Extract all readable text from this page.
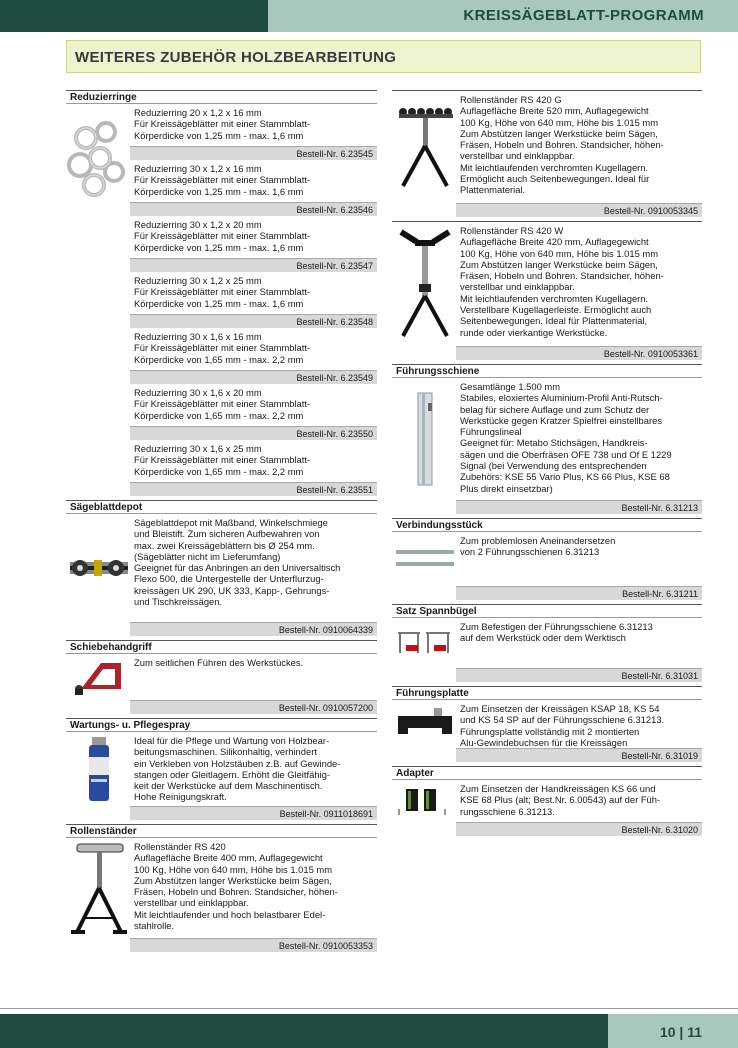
KREISSÄGEBLATT-PROGRAMM
WEITERES ZUBEHÖR HOLZBEARBEITUNG
Reduzierringe
Reduzierring 20 x 1,2 x 16 mm
Für Kreissägeblätter mit einer Stammblatt-
Körperdicke von 1,25 mm - max. 1,6 mm
Bestell-Nr. 6.23545
Reduzierring 30 x 1,2 x 16 mm
Für Kreissägeblätter mit einer Stammblatt-
Körperdicke von 1,25 mm - max. 1,6 mm
Bestell-Nr. 6.23546
Reduzierring 30 x 1,2 x 20 mm
Für Kreissägeblätter mit einer Stammblatt-
Körperdicke von 1,25 mm - max. 1,6 mm
Bestell-Nr. 6.23547
Reduzierring 30 x 1,2 x 25 mm
Für Kreissägeblätter mit einer Stammblatt-
Körperdicke von 1,25 mm - max. 1,6 mm
Bestell-Nr. 6.23548
Reduzierring 30 x 1,6 x 16 mm
Für Kreissägeblätter mit einer Stammblatt-
Körperdicke von 1,65 mm - max. 2,2 mm
Bestell-Nr. 6.23549
Reduzierring 30 x 1,6 x 20 mm
Für Kreissägeblätter mit einer Stammblatt-
Körperdicke von 1,65 mm - max. 2,2 mm
Bestell-Nr. 6.23550
Reduzierring 30 x 1,6 x 25 mm
Für Kreissägeblätter mit einer Stammblatt-
Körperdicke von 1,65 mm - max. 2,2 mm
Bestell-Nr. 6.23551
Sägeblattdepot
Sägeblattdepot mit Maßband, Winkelschmiege
und Bleistift. Zum sicheren Aufbewahren von
max. zwei Kreissägeblättern bis Ø 254 mm.
(Sägeblätter nicht im Lieferumfang)
Geeignet für das Anbringen an den Universaltisch
Flexo 500, die Untergestelle der Unterflurzug-
kreissägen UK 290, UK 333, Kapp-, Gehrungs-
und Tischkreissägen.
Bestell-Nr. 0910064339
Schiebehandgriff
Zum seitlichen Führen des Werkstückes.
Bestell-Nr. 0910057200
Wartungs- u. Pflegespray
Ideal für die Pflege und Wartung von Holzbear-
beitungsmaschinen. Silikonhaltig, verhindert
ein Verkleben von Holzstäuben z.B. auf Gewinde-
stangen oder Gleitlagern. Erhöht die Gleitfähig-
keit der Werkstücke auf dem Maschinentisch.
Hohe Reinigungskraft.
Bestell-Nr. 0911018691
Rollenständer
Rollenständer RS 420
Auflagefläche Breite 400 mm, Auflagegewicht
100 Kg, Höhe von 640 mm, Höhe bis 1.015 mm
Zum Abstützen langer Werkstücke beim Sägen,
Fräsen, Hobeln und Bohren. Standsicher, höhen-
verstellbar und einklappbar.
Mit leichtlaufender und hoch belastbarer Edel-
stahlrolle.
Bestell-Nr. 0910053353
Rollenständer RS 420 G
Auflagefläche Breite 520 mm, Auflagegewicht
100 Kg, Höhe von 640 mm, Höhe bis 1.015 mm
Zum Abstützen langer Werkstücke beim Sägen,
Fräsen, Hobeln und Bohren. Standsicher, höhen-
verstellbar und einklappbar.
Mit leichtlaufenden verchromten Kugellagern.
Ermöglicht auch Seitenbewegungen. Ideal für
Plattenmaterial.
Bestell-Nr. 0910053345
Rollenständer RS 420 W
Auflagefläche Breite 420 mm, Auflagegewicht
100 Kg, Höhe von 640 mm, Höhe bis 1.015 mm
Zum Abstützen langer Werkstücke beim Sägen,
Fräsen, Hobeln und Bohren. Standsicher, höhen-
verstellbar und einklappbar.
Mit leichtlaufenden verchromten Kugellagern.
Verstellbare Kugellagerleiste. Ermöglicht auch
Seitenbewegungen. Ideal für Plattenmaterial,
runde oder vierkantige Werkstücke.
Bestell-Nr. 0910053361
Führungsschiene
Gesamtlänge 1.500 mm
Stabiles, eloxiertes Aluminium-Profil Anti-Rutsch-
belag für sichere Auflage und zum Schutz der
Werkstücke gegen Kratzer Spielfrei einstellbares
Führungslineal
Geeignet für: Metabo Stichsägen, Handkreis-
sägen und die Oberfräsen OFE 738 und Of E 1229
Signal (bei Verwendung des entsprechenden
Zubehörs: KSE 55 Vario Plus, KS 66 Plus, KSE 68
Plus direkt einsetzbar)
Bestell-Nr. 6.31213
Verbindungsstück
Zum problemlosen Aneinandersetzen
von 2 Führungsschienen 6.31213
Bestell-Nr. 6.31211
Satz Spannbügel
Zum Befestigen der Führungsschiene 6.31213
auf dem Werkstück oder dem Werktisch
Bestell-Nr. 6.31031
Führungsplatte
Zum Einsetzen der Kreissägen KSAP 18, KS 54
und KS 54 SP auf der Führungsschiene 6.31213.
Führungsplatte vollständig mit 2 montierten
Alu-Gewindebuchsen für die Kreissägen
Bestell-Nr. 6.31019
Adapter
Zum Einsetzen der Handkreissägen KS 66 und
KSE 68 Plus (alt; Best.Nr. 6.00543) auf der Füh-
rungsschiene 6.31213.
Bestell-Nr. 6.31020
10 | 11
